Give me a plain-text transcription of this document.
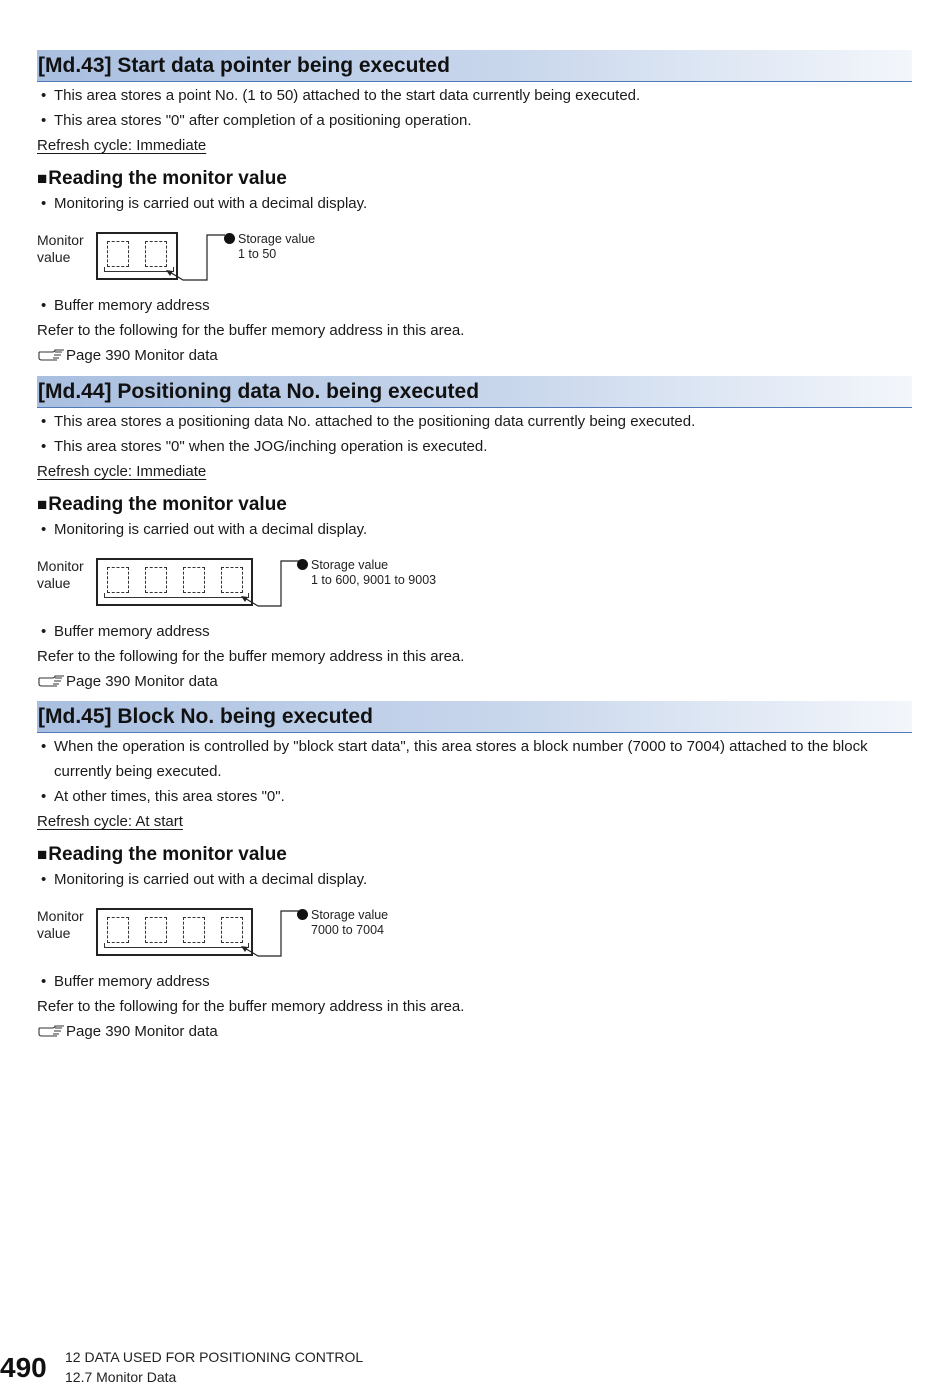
[Md.43] Start data pointer being executed
• This area stores a point No. (1 to 50) attached to the start data currently being executed.
• This area stores "0" after completion of a positioning operation.
Refresh cycle: Immediate
■Reading the monitor value
• Monitoring is carried out with a decimal display.
Monitor
value
Storage value
1 to 50
• Buffer memory address
Refer to the following for the buffer memory address in this area.
Page 390 Monitor data
[Md.44] Positioning data No. being executed
• This area stores a positioning data No. attached to the positioning data currently being executed.
• This area stores "0" when the JOG/inching operation is executed.
Refresh cycle: Immediate
■Reading the monitor value
• Monitoring is carried out with a decimal display.
Monitor
value
Storage value
1 to 600, 9001 to 9003
• Buffer memory address
Refer to the following for the buffer memory address in this area.
Page 390 Monitor data
[Md.45] Block No. being executed
• When the operation is controlled by "block start data", this area stores a block number (7000 to 7004) attached to the block currently being executed.
• At other times, this area stores "0".
Refresh cycle: At start
■Reading the monitor value
• Monitoring is carried out with a decimal display.
Monitor
value
Storage value
7000 to 7004
• Buffer memory address
Refer to the following for the buffer memory address in this area.
Page 390 Monitor data
490 12 DATA USED FOR POSITIONING CONTROL
12.7 Monitor Data
